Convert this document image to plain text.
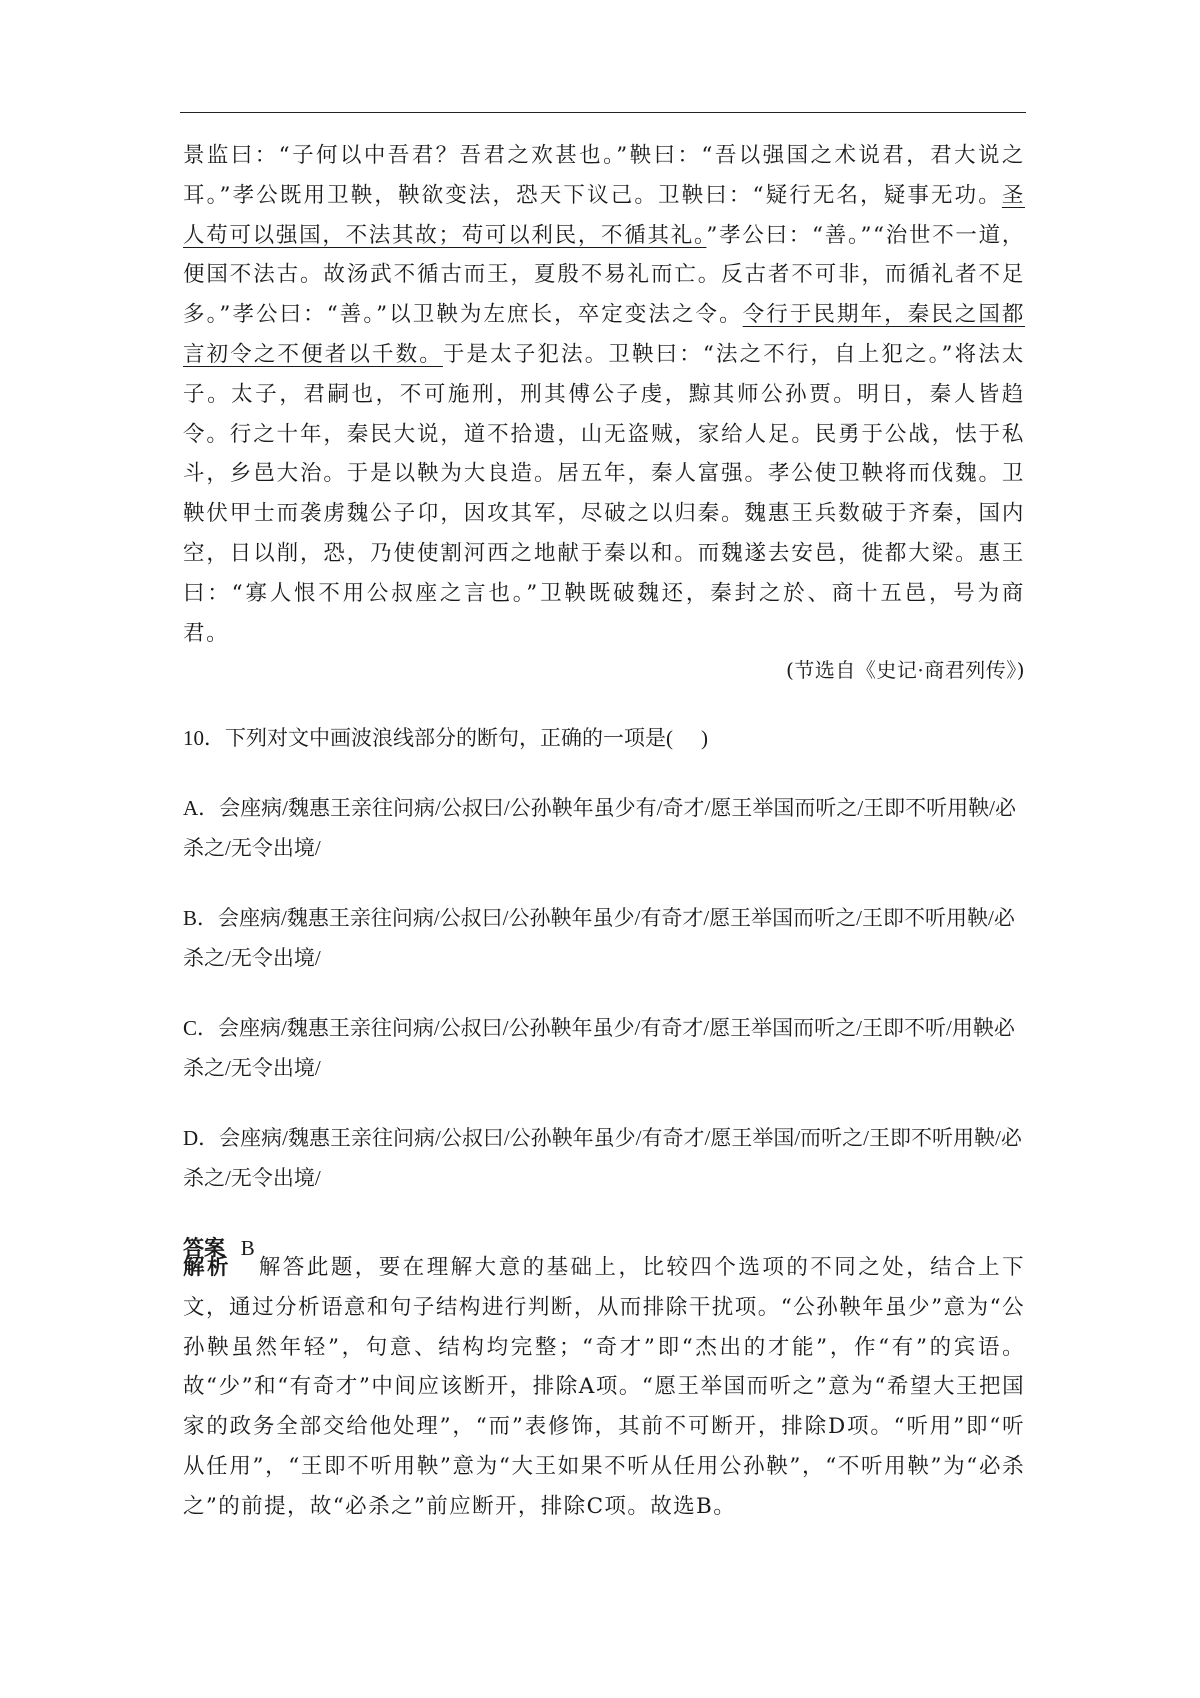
景监曰：“子何以中吾君？吾君之欢甚也。”鞅曰：“吾以强国之术说君，君大说之耳。”孝公既用卫鞅，鞅欲变法，恐天下议己。卫鞅曰：“疑行无名，疑事无功。圣人苟可以强国，不法其故；苟可以利民，不循其礼。”孝公曰：“善。”“治世不一道，便国不法古。故汤武不循古而王，夏殷不易礼而亡。反古者不可非，而循礼者不足多。”孝公曰：“善。”以卫鞅为左庶长，卒定变法之令。令行于民期年，秦民之国都言初令之不便者以千数。于是太子犯法。卫鞅曰：“法之不行，自上犯之。”将法太子。太子，君嗣也，不可施刑，刑其傅公子虔，黥其师公孙贾。明日，秦人皆趋令。行之十年，秦民大说，道不拾遗，山无盗贼，家给人足。民勇于公战，怯于私斗，乡邑大治。于是以鞅为大良造。居五年，秦人富强。孝公使卫鞅将而伐魏。卫鞅伏甲士而袭虏魏公子卬，因攻其军，尽破之以归秦。魏惠王兵数破于齐秦，国内空，日以削，恐，乃使使割河西之地献于秦以和。而魏遂去安邑，徙都大梁。惠王曰：“寡人恨不用公叔座之言也。”卫鞅既破魏还，秦封之於、商十五邑，号为商君。

(节选自《史记·商君列传》)

10．下列对文中画波浪线部分的断句，正确的一项是( )

A．会座病/魏惠王亲往问病/公叔曰/公孙鞅年虽少有/奇才/愿王举国而听之/王即不听用鞅/必杀之/无令出境/

B．会座病/魏惠王亲往问病/公叔曰/公孙鞅年虽少/有奇才/愿王举国而听之/王即不听用鞅/必杀之/无令出境/

C．会座病/魏惠王亲往问病/公叔曰/公孙鞅年虽少/有奇才/愿王举国而听之/王即不听/用鞅必杀之/无令出境/

D．会座病/魏惠王亲往问病/公叔曰/公孙鞅年虽少/有奇才/愿王举国/而听之/王即不听用鞅/必杀之/无令出境/

答案 B

解析 解答此题，要在理解大意的基础上，比较四个选项的不同之处，结合上下文，通过分析语意和句子结构进行判断，从而排除干扰项。“公孙鞅年虽少”意为“公孙鞅虽然年轻”，句意、结构均完整；“奇才”即“杰出的才能”，作“有”的宾语。故“少”和“有奇才”中间应该断开，排除A项。“愿王举国而听之”意为“希望大王把国家的政务全部交给他处理”，“而”表修饰，其前不可断开，排除D项。“听用”即“听从任用”，“王即不听用鞅”意为“大王如果不听从任用公孙鞅”，“不听用鞅”为“必杀之”的前提，故“必杀之”前应断开，排除C项。故选B。
